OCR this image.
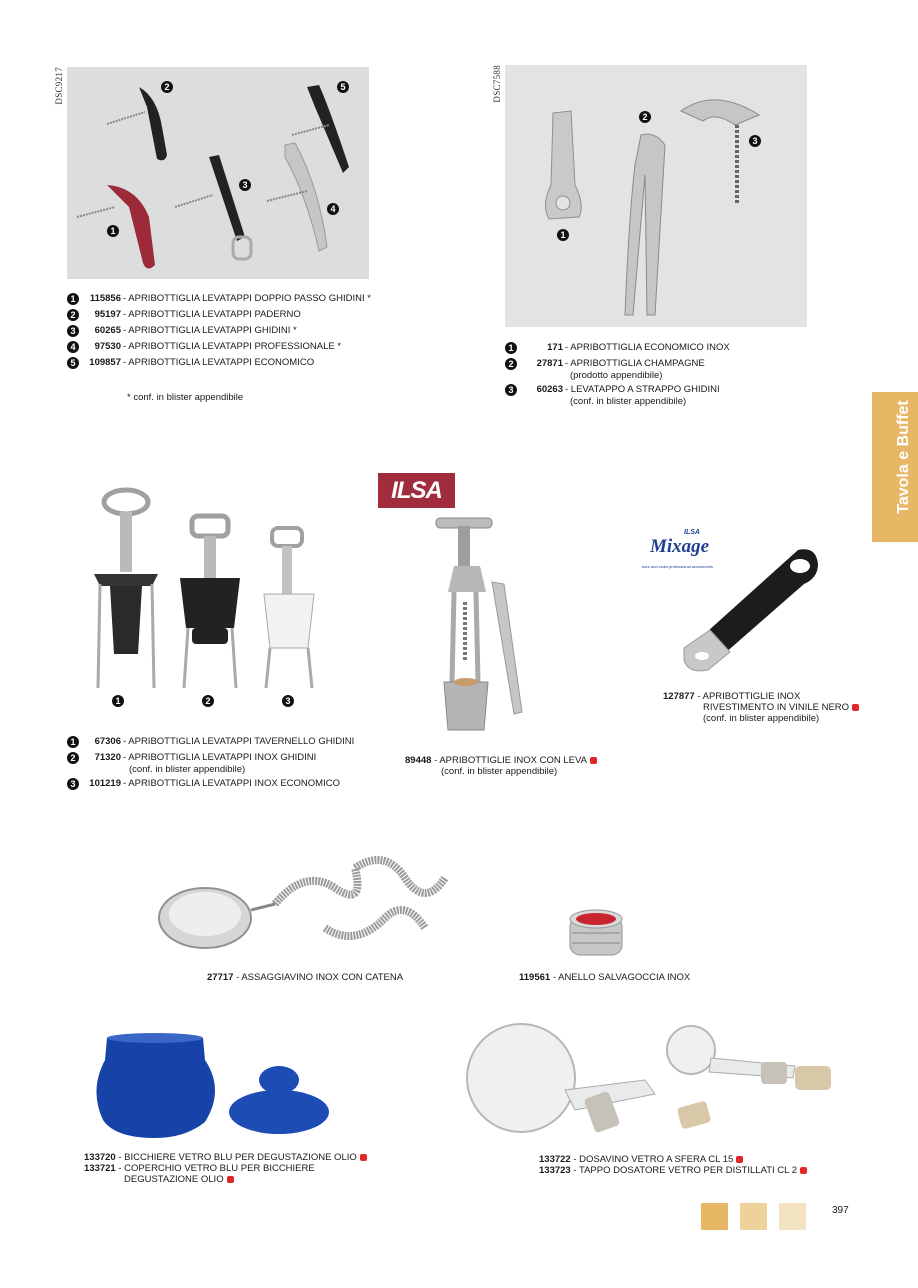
Tavola e Buffet
DSC9217
1
2
3
4
5
1	115856 - APRIBOTTIGLIA LEVATAPPI DOPPIO PASSO GHIDINI *
2	95197 - APRIBOTTIGLIA LEVATAPPI PADERNO
3	60265 - APRIBOTTIGLIA LEVATAPPI GHIDINI *
4	97530 - APRIBOTTIGLIA LEVATAPPI PROFESSIONALE *
5	109857 - APRIBOTTIGLIA LEVATAPPI ECONOMICO
* conf. in blister appendibile
DSC7588
1
2
3
1	171 - APRIBOTTIGLIA ECONOMICO INOX
2	27871 - APRIBOTTIGLIA CHAMPAGNE
(prodotto appendibile)
3	60263 - LEVATAPPO A STRAPPO GHIDINI
(conf. in blister appendibile)
1	2	3
1	67306 - APRIBOTTIGLIA LEVATAPPI TAVERNELLO GHIDINI
2	71320 - APRIBOTTIGLIA LEVATAPPI INOX GHIDINI
(conf. in blister appendibile)
3	101219 - APRIBOTTIGLIA LEVATAPPI INOX ECONOMICO
ILSA
89448 - APRIBOTTIGLIE INOX CON LEVA
(conf. in blister appendibile)
ILSA
Mixage
bars and clubs professional accessories
127877 - APRIBOTTIGLIE INOX
RIVESTIMENTO IN VINILE NERO
(conf. in blister appendibile)
27717 - ASSAGGIAVINO INOX CON CATENA	119561 - ANELLO SALVAGOCCIA INOX
133720 - BICCHIERE VETRO BLU PER DEGUSTAZIONE OLIO
133721 - COPERCHIO VETRO BLU PER BICCHIERE
DEGUSTAZIONE OLIO
133722 - DOSAVINO VETRO A SFERA CL 15
133723 - TAPPO DOSATORE VETRO PER DISTILLATI CL 2
397
